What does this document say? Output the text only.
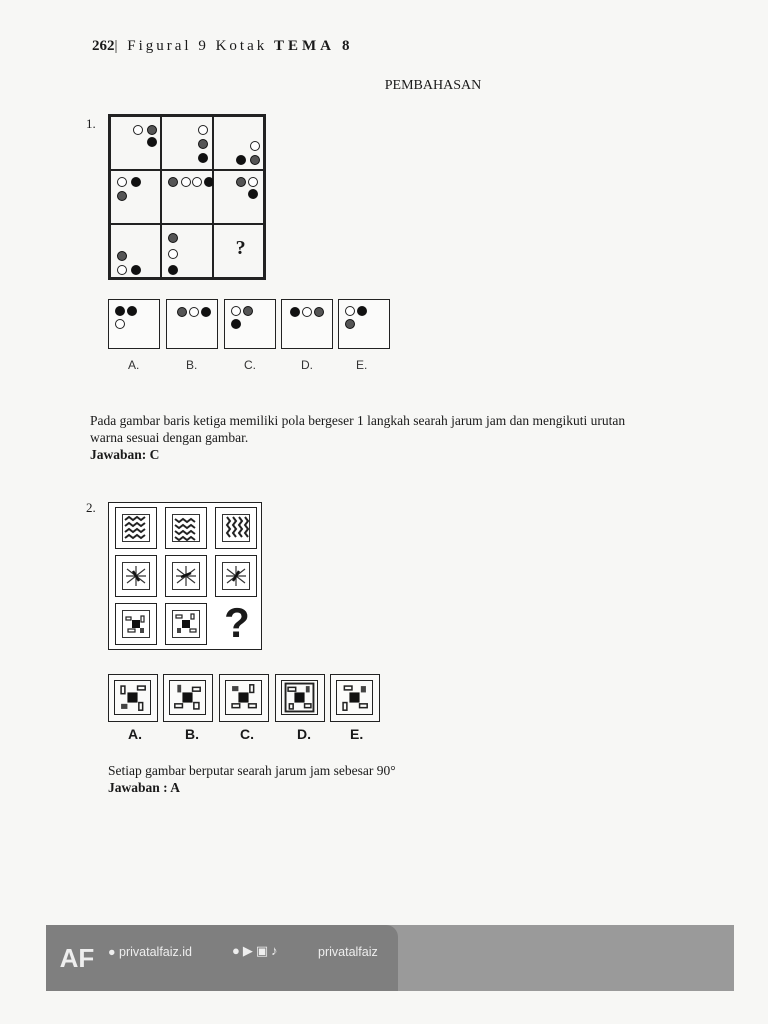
262| Figural 9 Kotak TEMA 8
PEMBAHASAN
1.
?
A.	B.	C.	D.	E.
Pada gambar baris ketiga memiliki pola bergeser 1 langkah searah jarum jam dan mengikuti urutan warna sesuai dengan gambar.
Jawaban: C
2.
?
A.	B.	C.	D.	E.
Setiap gambar berputar searah jarum jam sebesar 90°
Jawaban : A
AF ● privatalfaiz.id	●▶▣♪	privatalfaiz
